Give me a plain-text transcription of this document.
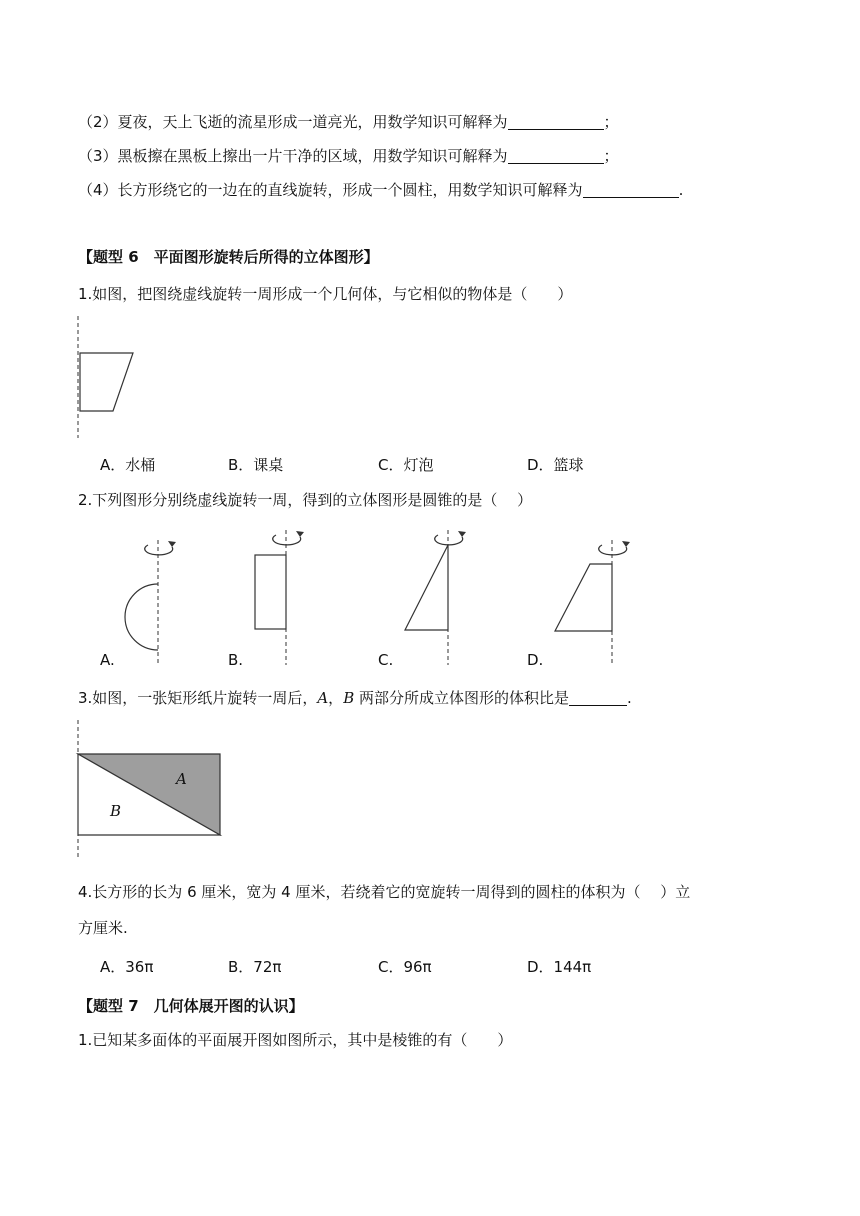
（2）夏夜，天上飞逝的流星形成一道亮光，用数学知识可解释为	；
（3）黑板擦在黑板上擦出一片干净的区域，用数学知识可解释为	；
（4）长方形绕它的一边在的直线旋转，形成一个圆柱，用数学知识可解释为	.
【题型 6　平面图形旋转后所得的立体图形】
1.如图，把图绕虚线旋转一周形成一个几何体，与它相似的物体是（　　）
A．水桶	B．课桌	C．灯泡	D．篮球
2.下列图形分别绕虚线旋转一周，得到的立体图形是圆锥的是（　 ）
A.	B.	C.	D.
3.如图，一张矩形纸片旋转一周后，A，B 两部分所成立体图形的体积比是	.
A
B
4.长方形的长为 6 厘米，宽为 4 厘米，若绕着它的宽旋转一周得到的圆柱的体积为（　 ）立
方厘米.
A．36π	B．72π	C．96π	D．144π
【题型 7　几何体展开图的认识】
1.已知某多面体的平面展开图如图所示，其中是棱锥的有（　　）
